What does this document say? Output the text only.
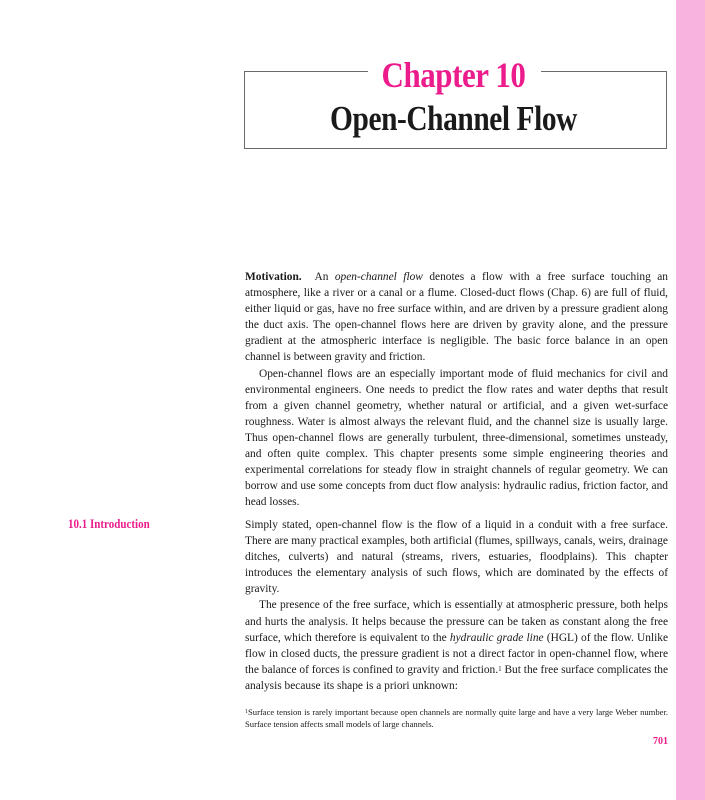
Chapter 10
Open-Channel Flow

Motivation. An open-channel flow denotes a flow with a free surface touching an atmosphere, like a river or a canal or a flume. Closed-duct flows (Chap. 6) are full of fluid, either liquid or gas, have no free surface within, and are driven by a pressure gradient along the duct axis. The open-channel flows here are driven by gravity alone, and the pressure gradient at the atmospheric interface is negligible. The basic force balance in an open channel is between gravity and friction.

Open-channel flows are an especially important mode of fluid mechanics for civil and environmental engineers. One needs to predict the flow rates and water depths that result from a given channel geometry, whether natural or artificial, and a given wet-surface roughness. Water is almost always the relevant fluid, and the channel size is usually large. Thus open-channel flows are generally turbulent, three-dimensional, sometimes unsteady, and often quite complex. This chapter presents some simple engineering theories and experimental correlations for steady flow in straight channels of regular geometry. We can borrow and use some concepts from duct flow analysis: hydraulic radius, friction factor, and head losses.

10.1 Introduction	Simply stated, open-channel flow is the flow of a liquid in a conduit with a free surface. There are many practical examples, both artificial (flumes, spillways, canals, weirs, drainage ditches, culverts) and natural (streams, rivers, estuaries, floodplains). This chapter introduces the elementary analysis of such flows, which are dominated by the effects of gravity.

The presence of the free surface, which is essentially at atmospheric pressure, both helps and hurts the analysis. It helps because the pressure can be taken as constant along the free surface, which therefore is equivalent to the hydraulic grade line (HGL) of the flow. Unlike flow in closed ducts, the pressure gradient is not a direct factor in open-channel flow, where the balance of forces is confined to gravity and friction.$^1$ But the free surface complicates the analysis because its shape is a priori unknown:

$^1$Surface tension is rarely important because open channels are normally quite large and have a very large Weber number. Surface tension affects small models of large channels.

701
